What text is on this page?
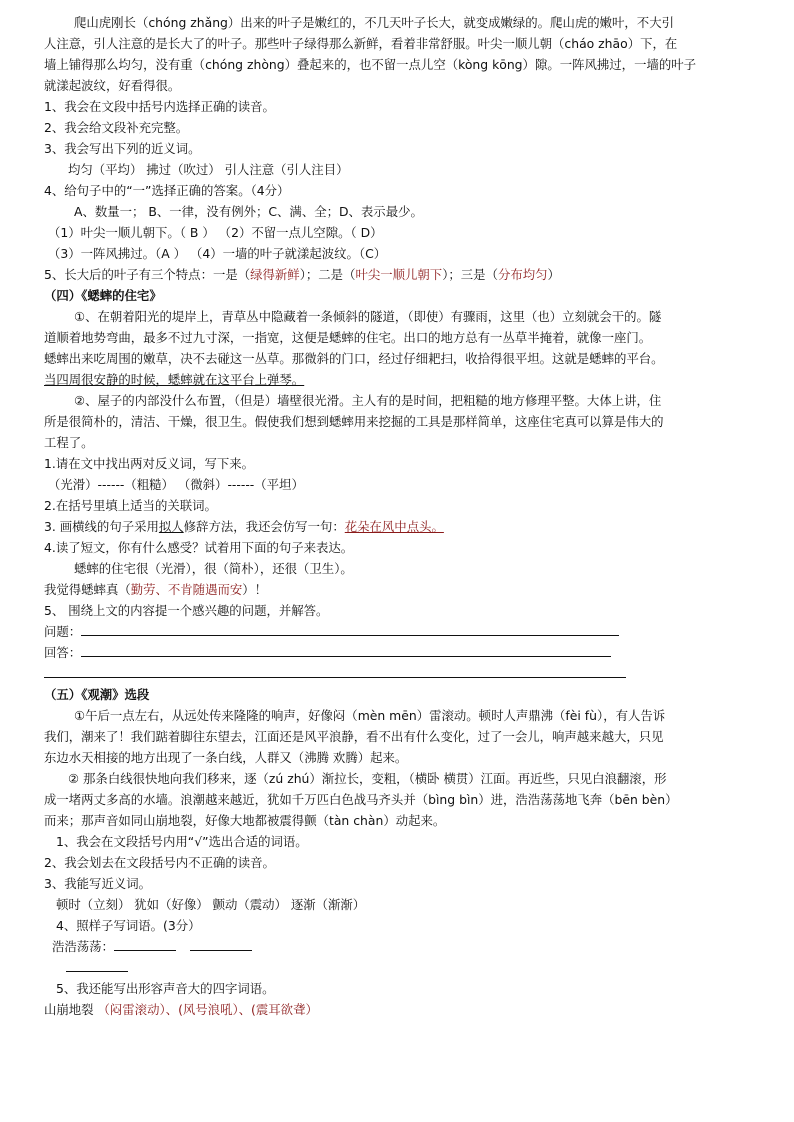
爬山虎刚长（chóng zhǎng）出来的叶子是嫩红的，不几天叶子长大，就变成嫩绿的。爬山虎的嫩叶，不大引
人注意，引人注意的是长大了的叶子。那些叶子绿得那么新鲜，看着非常舒服。叶尖一顺儿朝（cháo zhāo）下，在
墙上铺得那么均匀，没有重（chóng zhòng）叠起来的，也不留一点儿空（kòng kōng）隙。一阵风拂过，一墙的叶子
就漾起波纹，好看得很。
1、我会在文段中括号内选择正确的读音。
2、我会给文段补充完整。
3、我会写出下列的近义词。
均匀（平均） 拂过（吹过） 引人注意（引人注目）
4、给句子中的“一”选择正确的答案。（4分）
A、数量一； B、一律，没有例外；C、满、全；D、表示最少。
（1）叶尖一顺儿朝下。（ B ） （2）不留一点儿空隙。（ D）
（3）一阵风拂过。（A ） （4）一墙的叶子就漾起波纹。（C）
5、长大后的叶子有三个特点：一是（绿得新鲜）；二是（叶尖一顺儿朝下）；三是（分布均匀）
（四）《蟋蟀的住宅》
①、在朝着阳光的堤岸上，青草丛中隐藏着一条倾斜的隧道，（即使）有骤雨，这里（也）立刻就会干的。隧
道顺着地势弯曲，最多不过九寸深，一指宽，这便是蟋蟀的住宅。出口的地方总有一丛草半掩着，就像一座门。
蟋蟀出来吃周围的嫩草，决不去碰这一丛草。那微斜的门口，经过仔细耙扫，收拾得很平坦。这就是蟋蟀的平台。
当四周很安静的时候，蟋蟀就在这平台上弹琴。
②、屋子的内部没什么布置，（但是）墙壁很光滑。主人有的是时间，把粗糙的地方修理平整。大体上讲，住
所是很简朴的，清洁、干燥，很卫生。假使我们想到蟋蟀用来挖掘的工具是那样简单，这座住宅真可以算是伟大的
工程了。
1.请在文中找出两对反义词，写下来。
（光滑）------（粗糙） （微斜）------（平坦）
2.在括号里填上适当的关联词。
3. 画横线的句子采用拟人修辞方法，我还会仿写一句：花朵在风中点头。
4.读了短文，你有什么感受？试着用下面的句子来表达。
蟋蟀的住宅很（光滑），很（简朴），还很（卫生）。
我觉得蟋蟀真（勤劳、不肯随遇而安）！
5、 围绕上文的内容提一个感兴趣的问题，并解答。
问题：
回答：
（五）《观潮》选段
①午后一点左右，从远处传来隆隆的响声，好像闷（mèn mēn）雷滚动。顿时人声鼎沸（fèi fù），有人告诉
我们，潮来了！我们踮着脚往东望去，江面还是风平浪静，看不出有什么变化，过了一会儿，响声越来越大，只见
东边水天相接的地方出现了一条白线，人群又（沸腾 欢腾）起来。
② 那条白线很快地向我们移来，逐（zú zhú）渐拉长，变粗，（横卧 横贯）江面。再近些，只见白浪翻滚，形
成一堵两丈多高的水墙。浪潮越来越近，犹如千万匹白色战马齐头并（bìng bìn）进，浩浩荡荡地飞奔（bēn bèn）
而来；那声音如同山崩地裂，好像大地都被震得颤（tàn chàn）动起来。
1、我会在文段括号内用“√”选出合适的词语。
2、我会划去在文段括号内不正确的读音。
3、我能写近义词。
顿时（立刻） 犹如（好像） 颤动（震动） 逐渐（渐渐）
4、照样子写词语。(3分）
浩浩荡荡：
5、我还能写出形容声音大的四字词语。
山崩地裂 （闷雷滚动）、(风号浪吼）、(震耳欲聋）
